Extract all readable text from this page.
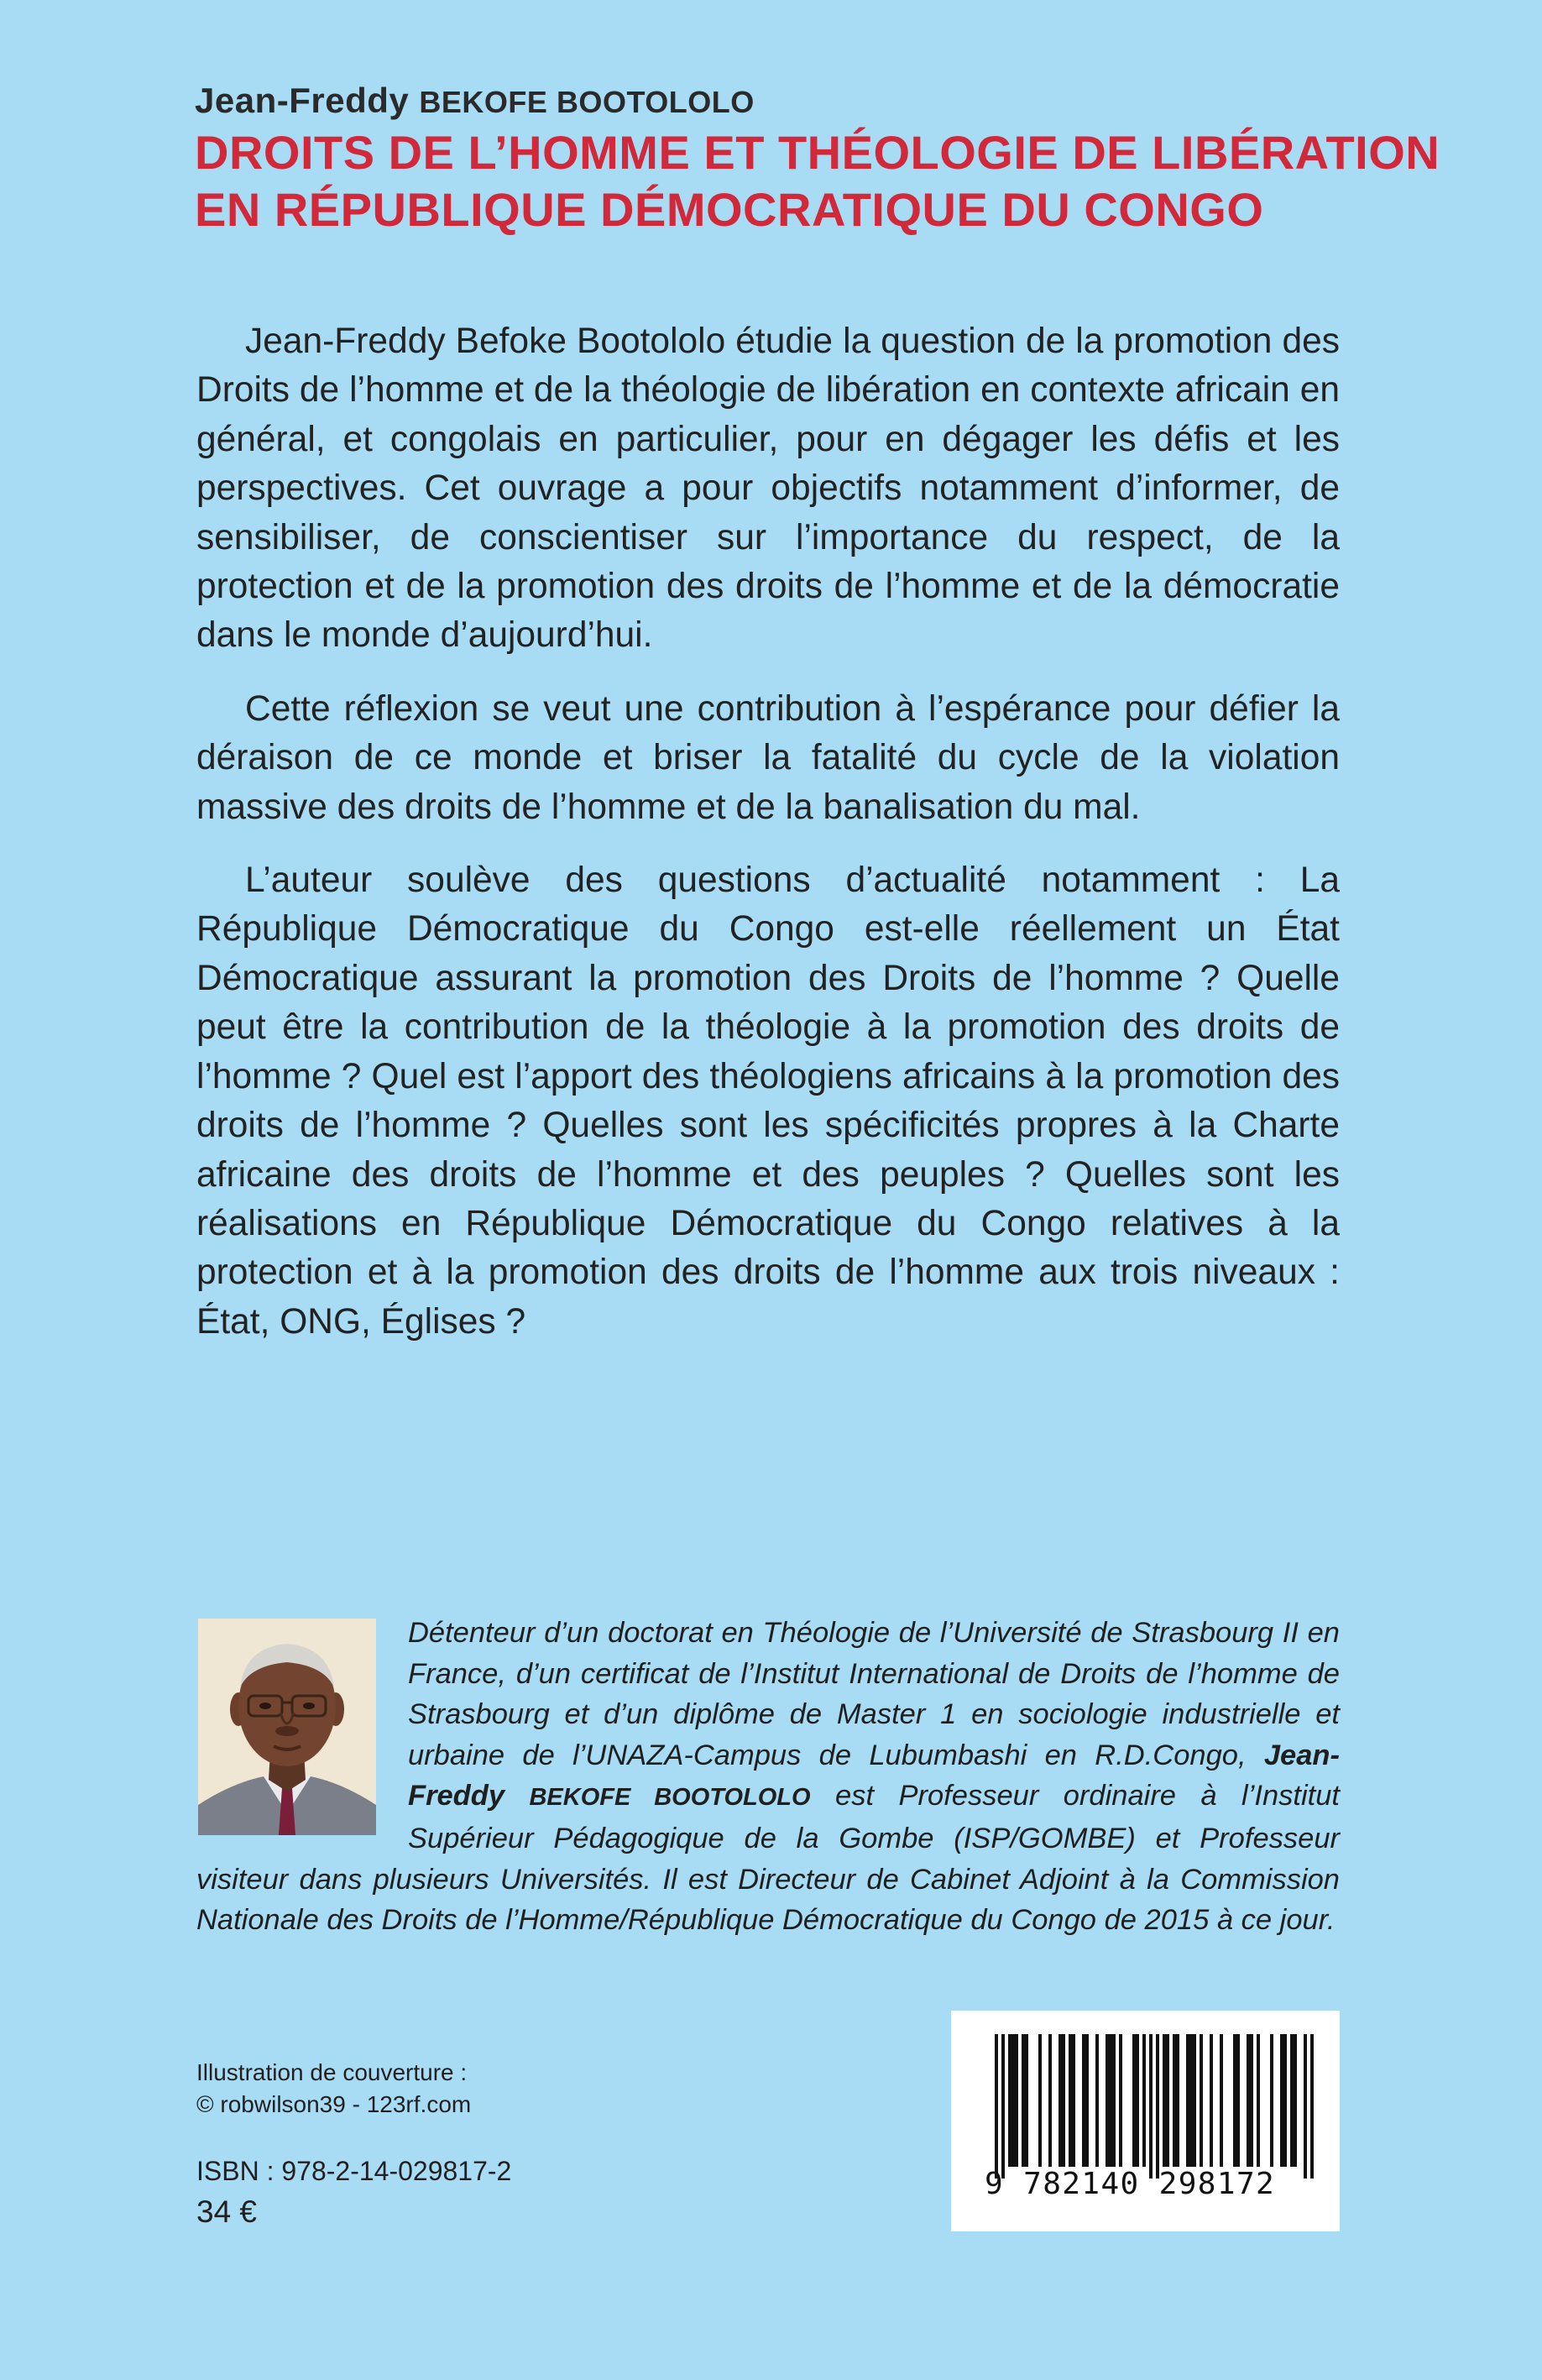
Jean-Freddy BEKOFE BOOTOLOLO
DROITS DE L’HOMME ET THÉOLOGIE DE LIBÉRATION
EN RÉPUBLIQUE DÉMOCRATIQUE DU CONGO

Jean-Freddy Befoke Bootololo étudie la question de la promotion des Droits de l’homme et de la théologie de libération en contexte africain en général, et congolais en particulier, pour en dégager les défis et les perspectives. Cet ouvrage a pour objectifs notamment d’informer, de sensibiliser, de conscientiser sur l’importance du respect, de la protection et de la promotion des droits de l’homme et de la démocratie dans le monde d’aujourd’hui.

Cette réflexion se veut une contribution à l’espérance pour défier la déraison de ce monde et briser la fatalité du cycle de la violation massive des droits de l’homme et de la banalisation du mal.

L’auteur soulève des questions d’actualité notamment : La République Démocratique du Congo est-elle réellement un État Démocratique assurant la promotion des Droits de l’homme ? Quelle peut être la contribution de la théologie à la promotion des droits de l’homme ? Quel est l’apport des théologiens africains à la promotion des droits de l’homme ? Quelles sont les spécificités propres à la Charte africaine des droits de l’homme et des peuples ? Quelles sont les réalisations en République Démocratique du Congo relatives à la protection et à la promotion des droits de l’homme aux trois niveaux : État, ONG, Églises ?

Détenteur d’un doctorat en Théologie de l’Université de Strasbourg II en France, d’un certificat de l’Institut International de Droits de l’homme de Strasbourg et d’un diplôme de Master 1 en sociologie industrielle et urbaine de l’UNAZA-Campus de Lubumbashi en R.D.Congo, Jean-Freddy BEKOFE BOOTOLOLO est Professeur ordinaire à l’Institut Supérieur Pédagogique de la Gombe (ISP/GOMBE) et Professeur visiteur dans plusieurs Universités. Il est Directeur de Cabinet Adjoint à la Commission Nationale des Droits de l’Homme/République Démocratique du Congo de 2015 à ce jour.
Illustration de couverture :
© robwilson39 - 123rf.com
ISBN : 978-2-14-029817-2
34 €
9 782140 298172
